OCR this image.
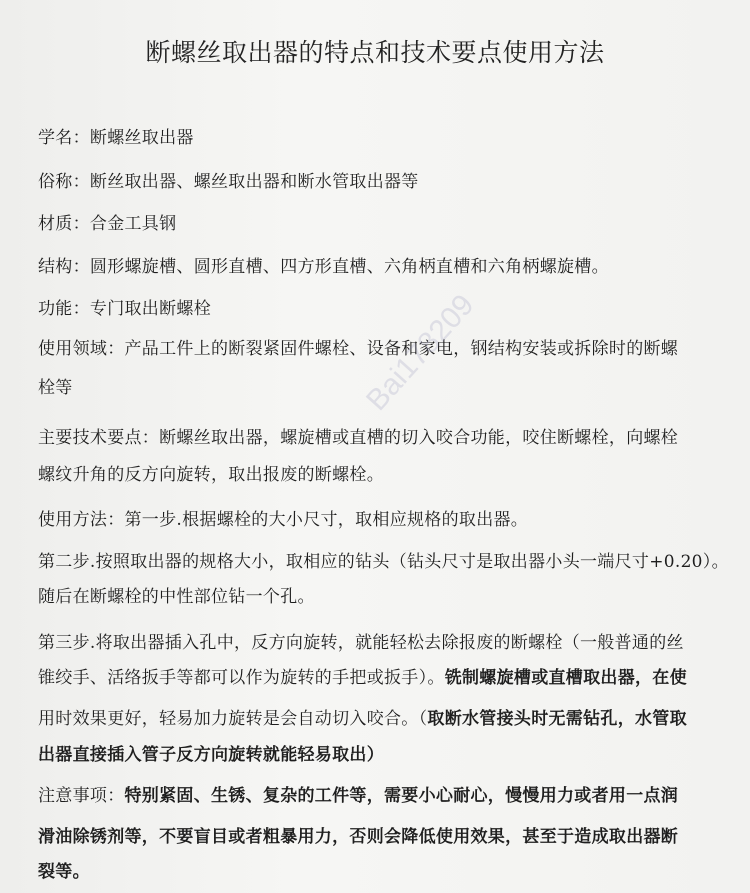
断螺丝取出器的特点和技术要点使用方法
学名：断螺丝取出器
俗称：断丝取出器、螺丝取出器和断水管取出器等
材质：合金工具钢
结构：圆形螺旋槽、圆形直槽、四方形直槽、六角柄直槽和六角柄螺旋槽。
功能：专门取出断螺栓
使用领域：产品工件上的断裂紧固件螺栓、设备和家电，钢结构安装或拆除时的断螺
栓等
主要技术要点：断螺丝取出器，螺旋槽或直槽的切入咬合功能，咬住断螺栓，向螺栓
螺纹升角的反方向旋转，取出报废的断螺栓。
使用方法：第一步.根据螺栓的大小尺寸，取相应规格的取出器。
第二步.按照取出器的规格大小，取相应的钻头（钻头尺寸是取出器小头一端尺寸+0.20）。
随后在断螺栓的中性部位钻一个孔。
第三步.将取出器插入孔中，反方向旋转，就能轻松去除报废的断螺栓（一般普通的丝
锥绞手、活络扳手等都可以作为旋转的手把或扳手）。铣制螺旋槽或直槽取出器，在使
用时效果更好，轻易加力旋转是会自动切入咬合。（取断水管接头时无需钻孔，水管取
出器直接插入管子反方向旋转就能轻易取出）
注意事项：特别紧固、生锈、复杂的工件等，需要小心耐心，慢慢用力或者用一点润
滑油除锈剂等，不要盲目或者粗暴用力，否则会降低使用效果，甚至于造成取出器断
裂等。
Bai178209
